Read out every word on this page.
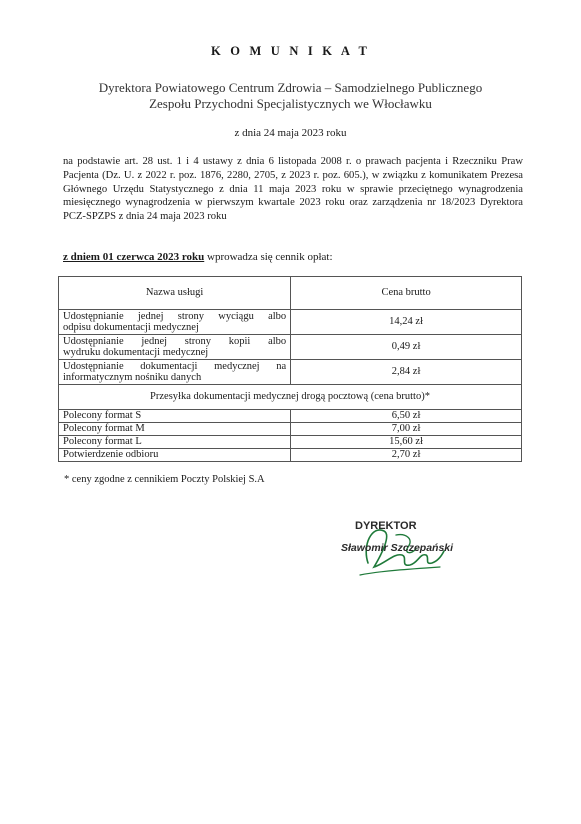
K O M U N I K A T
Dyrektora Powiatowego Centrum Zdrowia – Samodzielnego Publicznego
Zespołu Przychodni Specjalistycznych we Włocławku
z dnia 24 maja 2023 roku
na podstawie art. 28 ust. 1 i 4 ustawy z dnia 6 listopada 2008 r. o prawach pacjenta i Rzeczniku Praw Pacjenta (Dz. U. z 2022 r. poz. 1876, 2280, 2705, z 2023 r. poz. 605.), w związku z komunikatem Prezesa Głównego Urzędu Statystycznego z dnia 11 maja 2023 roku w sprawie przeciętnego wynagrodzenia miesięcznego wynagrodzenia w pierwszym kwartale 2023 roku oraz zarządzenia nr 18/2023 Dyrektora PCZ-SPZPS z dnia 24 maja 2023 roku
z dniem 01 czerwca 2023 roku wprowadza się cennik opłat:
Nazwa usługi	Cena brutto

Udostępnianie jednej strony wyciągu albo
odpisu dokumentacji medycznej	14,24 zł

Udostępnianie jednej strony kopii albo
wydruku dokumentacji medycznej	0,49 zł

Udostępnianie dokumentacji medycznej na
informatycznym nośniku danych	2,84 zł
Przesyłka dokumentacji medycznej drogą pocztową (cena brutto)*	
Polecony format S	6,50 zł
Polecony format M	7,00 zł
Polecony format L	15,60 zł
Potwierdzenie odbioru	2,70 zł
* ceny zgodne z cennikiem Poczty Polskiej S.A
DYREKTOR
Sławomir Szczepański
